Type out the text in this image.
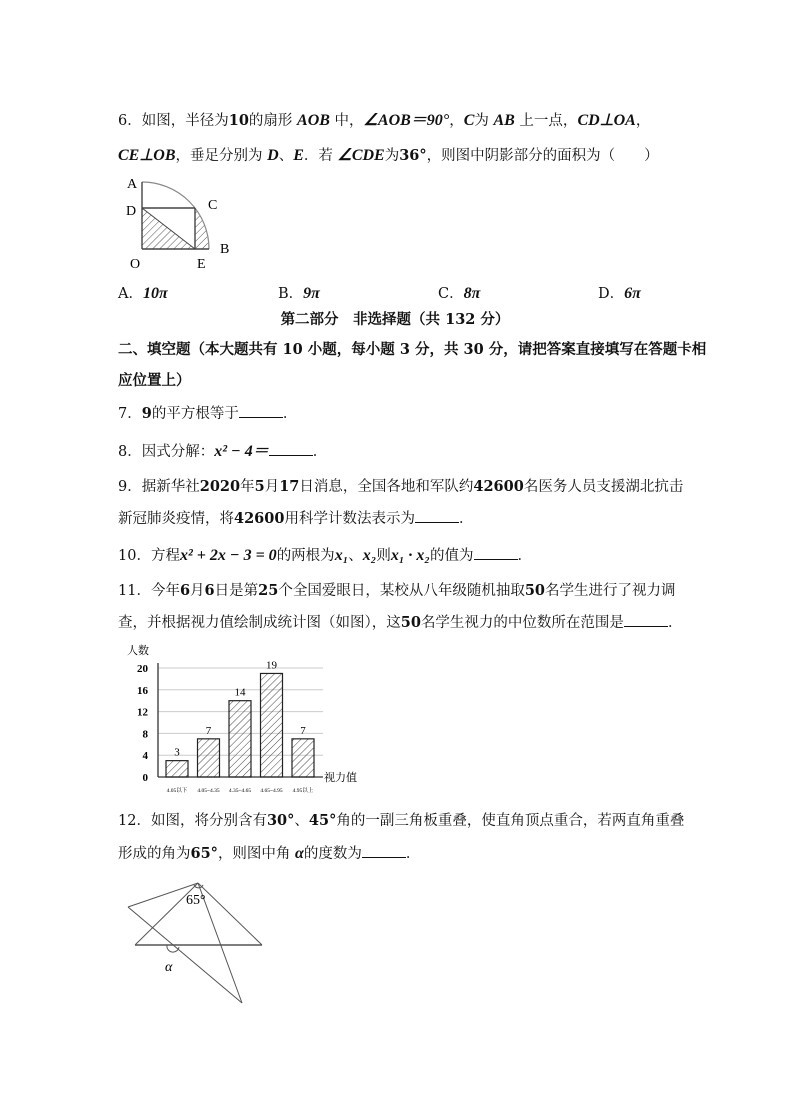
6．如图，半径为10的扇形 AOB 中，∠AOB＝90°，C为 AB 上一点，CD⊥OA，
CE⊥OB，垂足分别为 D、E．若 ∠CDE为36°，则图中阴影部分的面积为（　　）
A
D	C
O	E
B
A．10π	B．9π	C．8π	D．6π
第二部分　非选择题（共 132 分）
二、填空题（本大题共有 10 小题，每小题 3 分，共 30 分，请把答案直接填写在答题卡相
应位置上）
7．9的平方根等于	．
8．因式分解：x² − 4＝	．
9．据新华社2020年5月17日消息，全国各地和军队约42600名医务人员支援湖北抗击
新冠肺炎疫情，将42600用科学计数法表示为	．
10．方程x² + 2x − 3 = 0的两根为x₁、x₂则x₁ · x₂的值为	．
11．今年6月6日是第25个全国爱眼日，某校从八年级随机抽取50名学生进行了视力调
查，并根据视力值绘制成统计图（如图），这50名学生视力的中位数所在范围是	．
0
4
8
12
16
20
人数
视力值
3
4.05以下
7
4.05~4.35
14
4.35~4.65
19
4.65~4.95
7
4.95以上
12．如图，将分别含有30°、45°角的一副三角板重叠，使直角顶点重合，若两直角重叠
形成的角为65°，则图中角 α的度数为	．
65°
α
